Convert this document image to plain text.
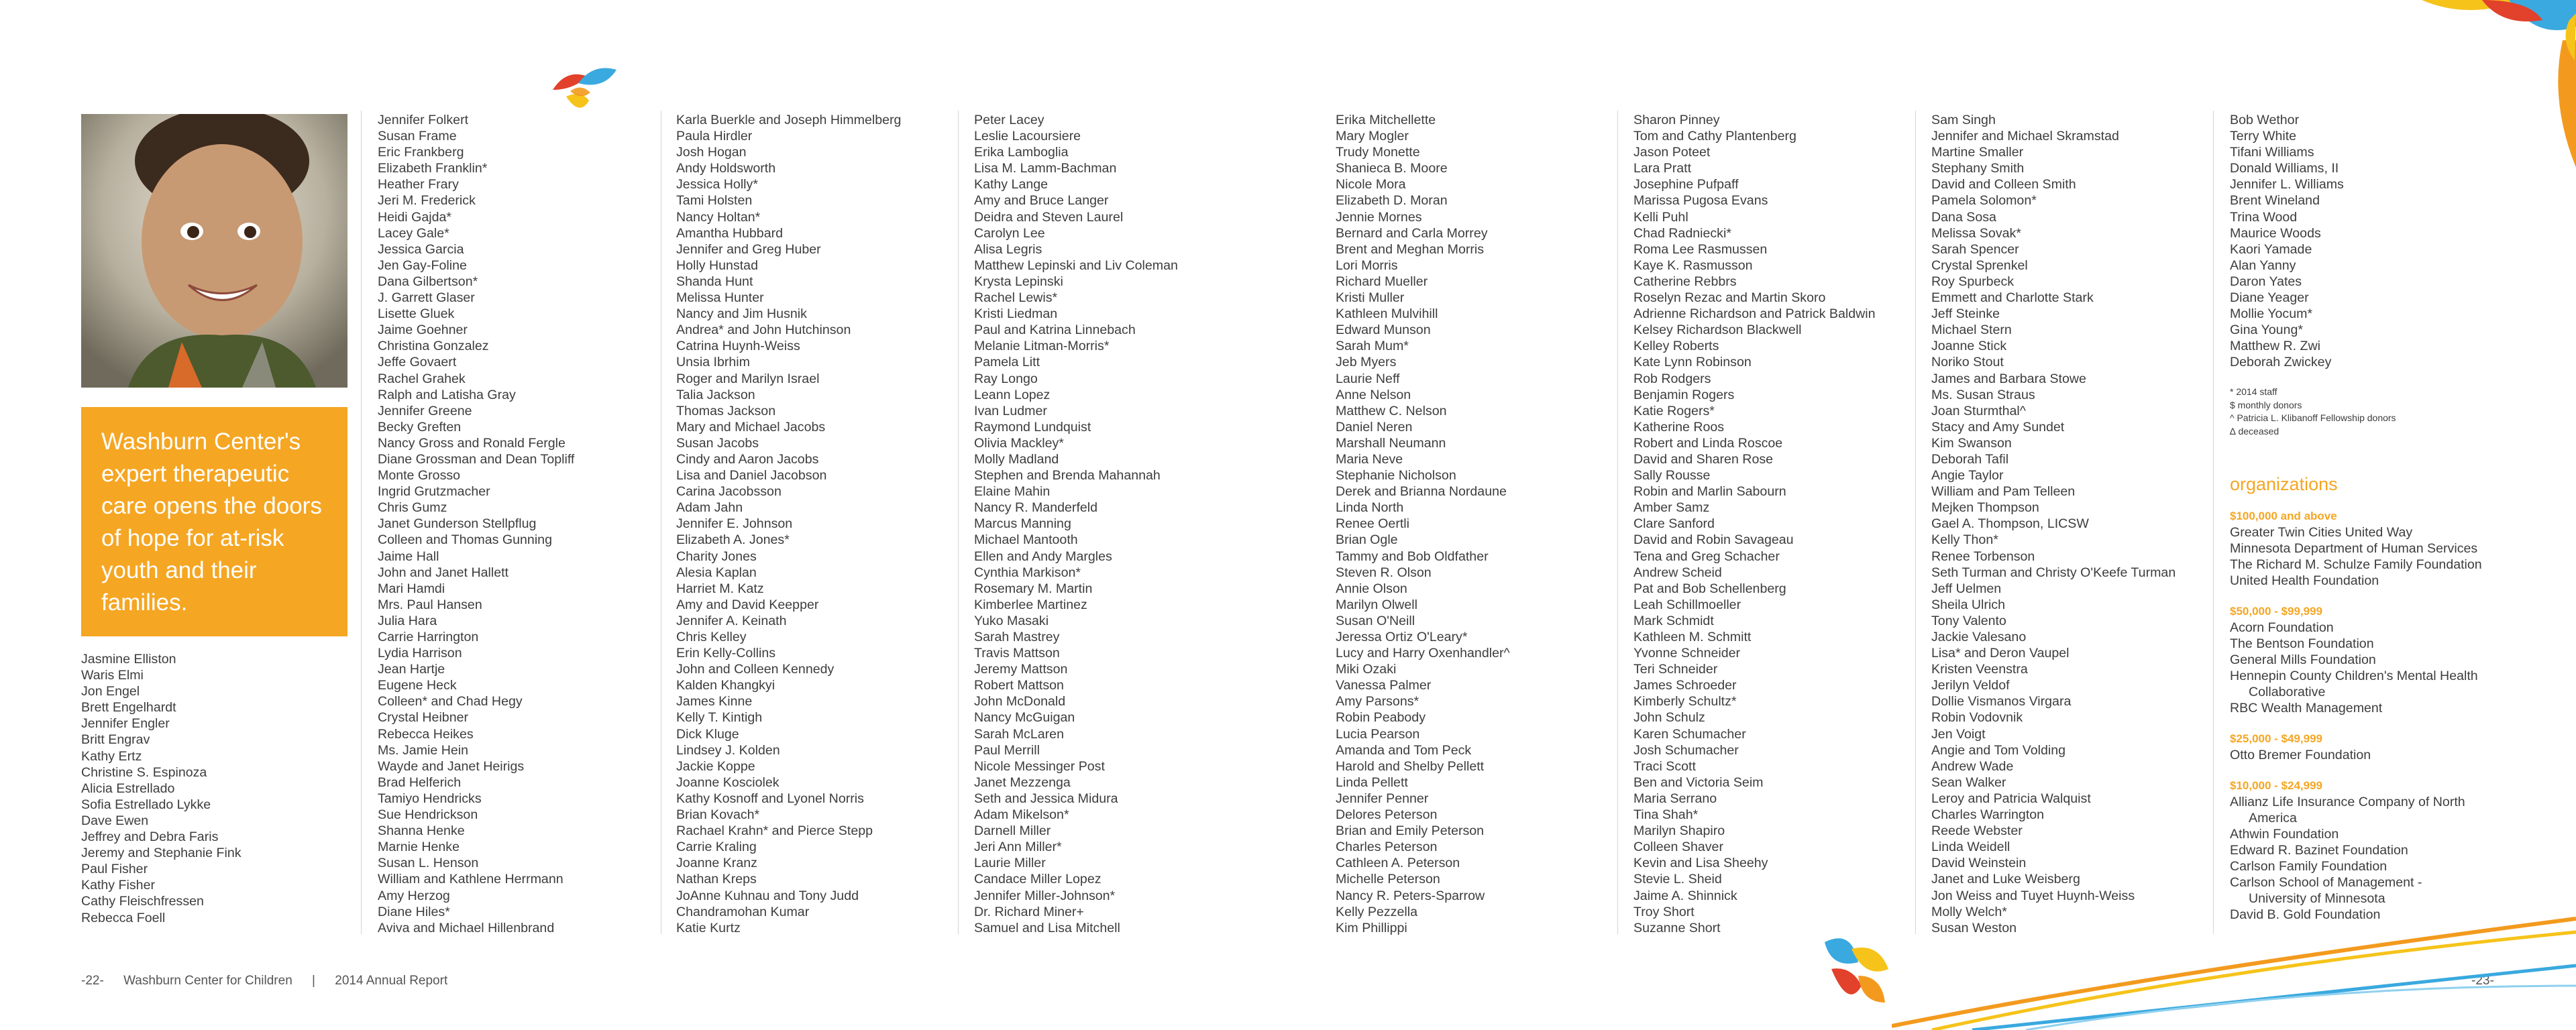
Washburn Center's expert therapeutic care opens the doors of hope for at-risk youth and their families.
Jasmine Elliston
Waris Elmi
Jon Engel
Brett Engelhardt
Jennifer Engler
Britt Engrav
Kathy Ertz
Christine S. Espinoza
Alicia Estrellado
Sofia Estrellado Lykke
Dave Ewen
Jeffrey and Debra Faris
Jeremy and Stephanie Fink
Paul Fisher
Kathy Fisher
Cathy Fleischfressen
Rebecca Foell
Jennifer Folkert
Susan Frame
Eric Frankberg
Elizabeth Franklin*
Heather Frary
Jeri M. Frederick
Heidi Gajda*
Lacey Gale*
Jessica Garcia
Jen Gay-Foline
Dana Gilbertson*
J. Garrett Glaser
Lisette Gluek
Jaime Goehner
Christina Gonzalez
Jeffe Govaert
Rachel Grahek
Ralph and Latisha Gray
Jennifer Greene
Becky Greften
Nancy Gross and Ronald Fergle
Diane Grossman and Dean Topliff
Monte Grosso
Ingrid Grutzmacher
Chris Gumz
Janet Gunderson Stellpflug
Colleen and Thomas Gunning
Jaime Hall
John and Janet Hallett
Mari Hamdi
Mrs. Paul Hansen
Julia Hara
Carrie Harrington
Lydia Harrison
Jean Hartje
Eugene Heck
Colleen* and Chad Hegy
Crystal Heibner
Rebecca Heikes
Ms. Jamie Hein
Wayde and Janet Heirigs
Brad Helferich
Tamiyo Hendricks
Sue Hendrickson
Shanna Henke
Marnie Henke
Susan L. Henson
William and Kathlene Herrmann
Amy Herzog
Diane Hiles*
Aviva and Michael Hillenbrand
Karla Buerkle and Joseph Himmelberg
Paula Hirdler
Josh Hogan
Andy Holdsworth
Jessica Holly*
Tami Holsten
Nancy Holtan*
Amantha Hubbard
Jennifer and Greg Huber
Holly Hunstad
Shanda Hunt
Melissa Hunter
Nancy and Jim Husnik
Andrea* and John Hutchinson
Catrina Huynh-Weiss
Unsia Ibrhim
Roger and Marilyn Israel
Talia Jackson
Thomas Jackson
Mary and Michael Jacobs
Susan Jacobs
Cindy and Aaron Jacobs
Lisa and Daniel Jacobson
Carina Jacobsson
Adam Jahn
Jennifer E. Johnson
Elizabeth A. Jones*
Charity Jones
Alesia Kaplan
Harriet M. Katz
Amy and David Keepper
Jennifer A. Keinath
Chris Kelley
Erin Kelly-Collins
John and Colleen Kennedy
Kalden Khangkyi
James Kinne
Kelly T. Kintigh
Dick Kluge
Lindsey J. Kolden
Jackie Koppe
Joanne Kosciolek
Kathy Kosnoff and Lyonel Norris
Brian Kovach*
Rachael Krahn* and Pierce Stepp
Carrie Kraling
Joanne Kranz
Nathan Kreps
JoAnne Kuhnau and Tony Judd
Chandramohan Kumar
Katie Kurtz
Peter Lacey
Leslie Lacoursiere
Erika Lamboglia
Lisa M. Lamm-Bachman
Kathy Lange
Amy and Bruce Langer
Deidra and Steven Laurel
Carolyn Lee
Alisa Legris
Matthew Lepinski and Liv Coleman
Krysta Lepinski
Rachel Lewis*
Kristi Liedman
Paul and Katrina Linnebach
Melanie Litman-Morris*
Pamela Litt
Ray Longo
Leann Lopez
Ivan Ludmer
Raymond Lundquist
Olivia Mackley*
Molly Madland
Stephen and Brenda Mahannah
Elaine Mahin
Nancy R. Manderfeld
Marcus Manning
Michael Mantooth
Ellen and Andy Margles
Cynthia Markison*
Rosemary M. Martin
Kimberlee Martinez
Yuko Masaki
Sarah Mastrey
Travis Mattson
Jeremy Mattson
Robert Mattson
John McDonald
Nancy McGuigan
Sarah McLaren
Paul Merrill
Nicole Messinger Post
Janet Mezzenga
Seth and Jessica Midura
Adam Mikelson*
Darnell Miller
Jeri Ann Miller*
Laurie Miller
Candace Miller Lopez
Jennifer Miller-Johnson*
Dr. Richard Miner+
Samuel and Lisa Mitchell
Erika Mitchellette
Mary Mogler
Trudy Monette
Shanieca B. Moore
Nicole Mora
Elizabeth D. Moran
Jennie Mornes
Bernard and Carla Morrey
Brent and Meghan Morris
Lori Morris
Richard Mueller
Kristi Muller
Kathleen Mulvihill
Edward Munson
Sarah Mum*
Jeb Myers
Laurie Neff
Anne Nelson
Matthew C. Nelson
Daniel Neren
Marshall Neumann
Maria Neve
Stephanie Nicholson
Derek and Brianna Nordaune
Linda North
Renee Oertli
Brian Ogle
Tammy and Bob Oldfather
Steven R. Olson
Annie Olson
Marilyn Olwell
Susan O'Neill
Jeressa Ortiz O'Leary*
Lucy and Harry Oxenhandler^
Miki Ozaki
Vanessa Palmer
Amy Parsons*
Robin Peabody
Lucia Pearson
Amanda and Tom Peck
Harold and Shelby Pellett
Linda Pellett
Jennifer Penner
Delores Peterson
Brian and Emily Peterson
Charles Peterson
Cathleen A. Peterson
Michelle Peterson
Nancy R. Peters-Sparrow
Kelly Pezzella
Kim Phillippi
Sharon Pinney
Tom and Cathy Plantenberg
Jason Poteet
Lara Pratt
Josephine Pufpaff
Marissa Pugosa Evans
Kelli Puhl
Chad Radniecki*
Roma Lee Rasmussen
Kaye K. Rasmusson
Catherine Rebbrs
Roselyn Rezac and Martin Skoro
Adrienne Richardson and Patrick Baldwin
Kelsey Richardson Blackwell
Kelley Roberts
Kate Lynn Robinson
Rob Rodgers
Benjamin Rogers
Katie Rogers*
Katherine Roos
Robert and Linda Roscoe
David and Sharen Rose
Sally Rousse
Robin and Marlin Sabourn
Amber Samz
Clare Sanford
David and Robin Savageau
Tena and Greg Schacher
Andrew Scheid
Pat and Bob Schellenberg
Leah Schillmoeller
Mark Schmidt
Kathleen M. Schmitt
Yvonne Schneider
Teri Schneider
James Schroeder
Kimberly Schultz*
John Schulz
Karen Schumacher
Josh Schumacher
Traci Scott
Ben and Victoria Seim
Maria Serrano
Tina Shah*
Marilyn Shapiro
Colleen Shaver
Kevin and Lisa Sheehy
Stevie L. Sheid
Jaime A. Shinnick
Troy Short
Suzanne Short
Sam Singh
Jennifer and Michael Skramstad
Martine Smaller
Stephany Smith
David and Colleen Smith
Pamela Solomon*
Dana Sosa
Melissa Sovak*
Sarah Spencer
Crystal Sprenkel
Roy Spurbeck
Emmett and Charlotte Stark
Jeff Steinke
Michael Stern
Joanne Stick
Noriko Stout
James and Barbara Stowe
Ms. Susan Straus
Joan Sturmthal^
Stacy and Amy Sundet
Kim Swanson
Deborah Tafil
Angie Taylor
William and Pam Telleen
Mejken Thompson
Gael A. Thompson, LICSW
Kelly Thon*
Renee Torbenson
Seth Turman and Christy O'Keefe Turman
Jeff Uelmen
Sheila Ulrich
Tony Valento
Jackie Valesano
Lisa* and Deron Vaupel
Kristen Veenstra
Jerilyn Veldof
Dollie Vismanos Virgara
Robin Vodovnik
Jen Voigt
Angie and Tom Volding
Andrew Wade
Sean Walker
Leroy and Patricia Walquist
Charles Warrington
Reede Webster
Linda Weidell
David Weinstein
Janet and Luke Weisberg
Jon Weiss and Tuyet Huynh-Weiss
Molly Welch*
Susan Weston
Bob Wethor
Terry White
Tifani Williams
Donald Williams, II
Jennifer L. Williams
Brent Wineland
Trina Wood
Maurice Woods
Kaori Yamade
Alan Yanny
Daron Yates
Diane Yeager
Mollie Yocum*
Gina Young*
Matthew R. Zwi
Deborah Zwickey
* 2014 staff
$ monthly donors
^ Patricia L. Klibanoff Fellowship donors
∆ deceased
organizations
$100,000 and above
Greater Twin Cities United Way
Minnesota Department of Human Services
The Richard M. Schulze Family Foundation
United Health Foundation
$50,000 - $99,999
Acorn Foundation
The Bentson Foundation
General Mills Foundation
Hennepin County Children's Mental Health
Collaborative
RBC Wealth Management
$25,000 - $49,999
Otto Bremer Foundation
$10,000 - $24,999
Allianz Life Insurance Company of North
America
Athwin Foundation
Edward R. Bazinet Foundation
Carlson Family Foundation
Carlson School of Management -
University of Minnesota
David B. Gold Foundation
-22- Washburn Center for Children | 2014 Annual Report	-23-
